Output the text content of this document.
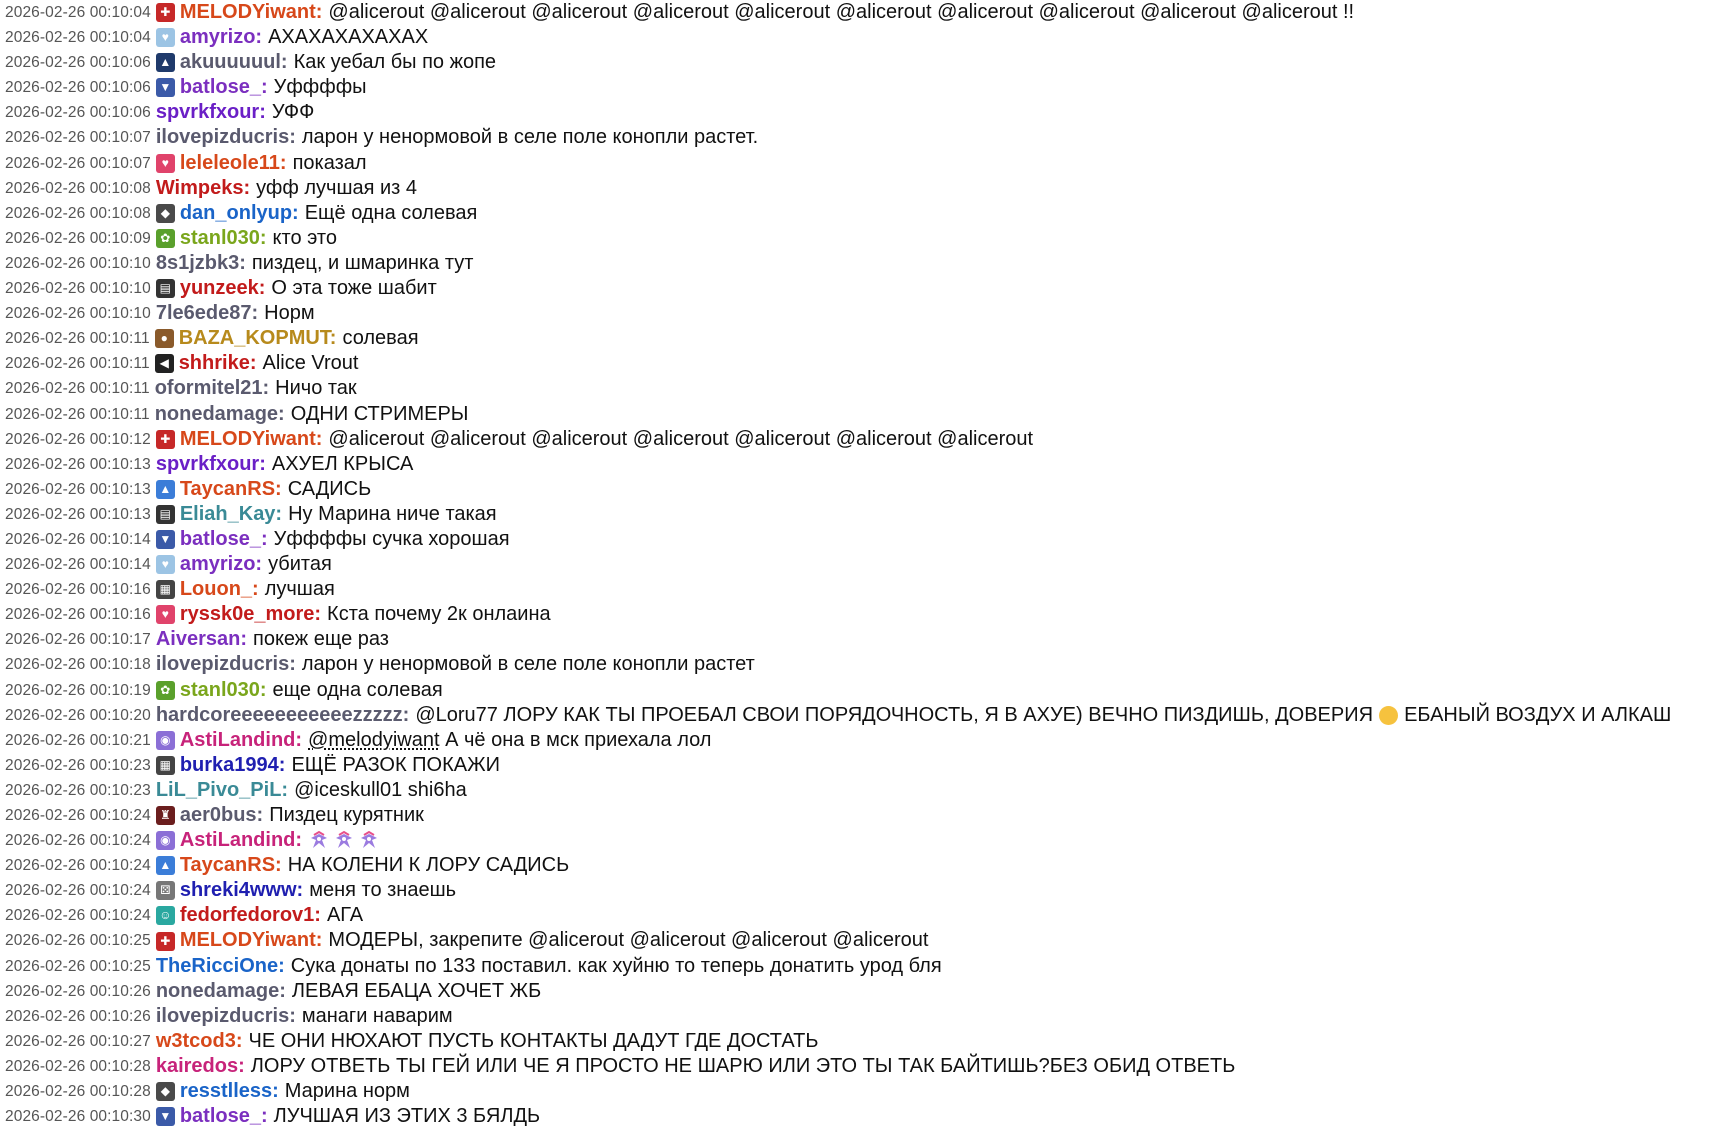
2026-02-26 00:10:04 ✚ MELODYiwant: @alicerout @alicerout @alicerout @alicerout @alicerout @alicerout @alicerout @alicerout @alicerout @alicerout !!
2026-02-26 00:10:04 ♥ amyrizo: АХАХАХАХАХАХ
2026-02-26 00:10:06 ▲ akuuuuuul: Как уебал бы по жопе
2026-02-26 00:10:06 ▼ batlose_: Уффффы
2026-02-26 00:10:06 spvrkfxour: УФФ
2026-02-26 00:10:07 ilovepizducris: ларон у ненормовой в селе поле конопли растет.
2026-02-26 00:10:07 ♥ leleleole11: показал
2026-02-26 00:10:08 Wimpeks: уфф лучшая из 4
2026-02-26 00:10:08 ◆ dan_onlyup: Ещё одна солевая
2026-02-26 00:10:09 ✿ stanl030: кто это
2026-02-26 00:10:10 8s1jzbk3: пиздец, и шмаринка тут
2026-02-26 00:10:10 ▤ yunzeek: О эта тоже шабит
2026-02-26 00:10:10 7le6ede87: Норм
2026-02-26 00:10:11 ● BAZA_KOPMUT: солевая
2026-02-26 00:10:11 ◀ shhrike: Alice Vrout
2026-02-26 00:10:11 oformitel21: Ничо так
2026-02-26 00:10:11 nonedamage: ОДНИ СТРИМЕРЫ
2026-02-26 00:10:12 ✚ MELODYiwant: @alicerout @alicerout @alicerout @alicerout @alicerout @alicerout @alicerout
2026-02-26 00:10:13 spvrkfxour: АХУЕЛ КРЫСА
2026-02-26 00:10:13 ▲ TaycanRS: САДИСЬ
2026-02-26 00:10:13 ▤ Eliah_Kay: Ну Марина ниче такая
2026-02-26 00:10:14 ▼ batlose_: Уффффы сучка хорошая
2026-02-26 00:10:14 ♥ amyrizo: убитая
2026-02-26 00:10:16 ▦ Louon_: лучшая
2026-02-26 00:10:16 ♥ ryssk0e_more: Кста почему 2к онлаина
2026-02-26 00:10:17 Aiversan: покеж еще раз
2026-02-26 00:10:18 ilovepizducris: ларон у ненормовой в селе поле конопли растет
2026-02-26 00:10:19 ✿ stanl030: еще одна солевая
2026-02-26 00:10:20 hardcoreeeeeeeeeeezzzzz: @Loru77 ЛОРУ КАК ТЫ ПРОЕБАЛ СВОИ ПОРЯДОЧНОСТЬ, Я В АХУЕ) ВЕЧНО ПИЗДИШЬ, ДОВЕРИЯ ЕБАНЫЙ ВОЗДУХ И АЛКАШ
2026-02-26 00:10:21 ◉ AstiLandind: @melodyiwant
А чё она в мск приехала лол
2026-02-26 00:10:23 ▦ burka1994: ЕЩЁ РАЗОК ПОКАЖИ
2026-02-26 00:10:23 LiL_Pivo_PiL: @iceskull01 shi6ha
2026-02-26 00:10:24 ♜ aer0bus: Пиздец курятник
2026-02-26 00:10:24 ◉ AstiLandind:
2026-02-26 00:10:24 ▲ TaycanRS: НА КОЛЕНИ К ЛОРУ САДИСЬ
2026-02-26 00:10:24 ⚄ shreki4www: меня то знаешь
2026-02-26 00:10:24 ☺ fedorfedorov1: АГА
2026-02-26 00:10:25 ✚ MELODYiwant: МОДЕРЫ, закрепите @alicerout @alicerout @alicerout @alicerout
2026-02-26 00:10:25 TheRicciOne: Сука донаты по 133 поставил. как хуйню то теперь донатить урод бля
2026-02-26 00:10:26 nonedamage: ЛЕВАЯ ЕБАЦА ХОЧЕТ ЖБ
2026-02-26 00:10:26 ilovepizducris: манаги наварим
2026-02-26 00:10:27 w3tcod3: ЧЕ ОНИ НЮХАЮТ ПУСТЬ КОНТАКТЫ ДАДУТ ГДЕ ДОСТАТЬ
2026-02-26 00:10:28 kairedos: ЛОРУ ОТВЕТЬ ТЫ ГЕЙ ИЛИ ЧЕ Я ПРОСТО НЕ ШАРЮ ИЛИ ЭТО ТЫ ТАК БАЙТИШЬ?БЕЗ ОБИД ОТВЕТЬ
2026-02-26 00:10:28 ◆ resstlless: Марина норм
2026-02-26 00:10:30 ▼ batlose_: ЛУЧШАЯ ИЗ ЭТИХ 3 БЯЛДЬ
